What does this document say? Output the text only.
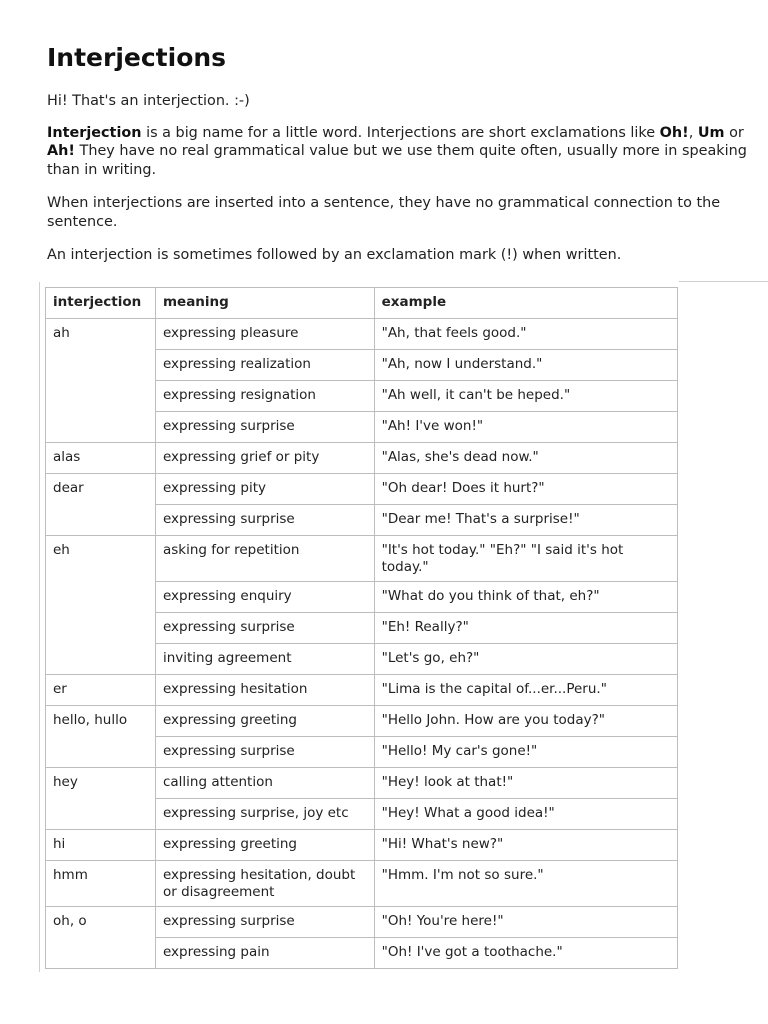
Interjections

Hi! That's an interjection. :-)

Interjection is a big name for a little word. Interjections are short exclamations like Oh!, Um or Ah! They have no real grammatical value but we use them quite often, usually more in speaking than in writing.

When interjections are inserted into a sentence, they have no grammatical connection to the sentence.

An interjection is sometimes followed by an exclamation mark (!) when written.

interjection	meaning	example
ah	expressing pleasure	"Ah, that feels good."
	expressing realization	"Ah, now I understand."
	expressing resignation	"Ah well, it can't be heped."
	expressing surprise	"Ah! I've won!"
alas	expressing grief or pity	"Alas, she's dead now."
dear	expressing pity	"Oh dear! Does it hurt?"
	expressing surprise	"Dear me! That's a surprise!"
eh	asking for repetition	"It's hot today." "Eh?" "I said it's hot today."
	expressing enquiry	"What do you think of that, eh?"
	expressing surprise	"Eh! Really?"
	inviting agreement	"Let's go, eh?"
er	expressing hesitation	"Lima is the capital of...er...Peru."
hello, hullo	expressing greeting	"Hello John. How are you today?"
	expressing surprise	"Hello! My car's gone!"
hey	calling attention	"Hey! look at that!"
	expressing surprise, joy etc	"Hey! What a good idea!"
hi	expressing greeting	"Hi! What's new?"
hmm	expressing hesitation, doubt or disagreement	"Hmm. I'm not so sure."
oh, o	expressing surprise	"Oh! You're here!"
	expressing pain	"Oh! I've got a toothache."
